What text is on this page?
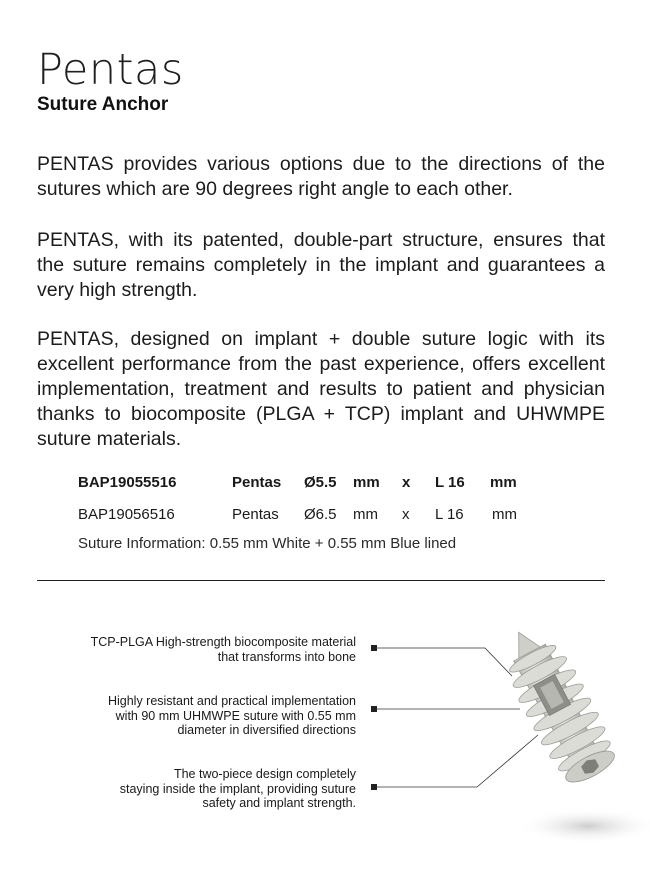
Pentas
Suture Anchor

PENTAS provides various options due to the directions of the sutures which are 90 degrees right angle to each other.

PENTAS, with its patented, double-part structure, ensures that the suture remains completely in the implant and guarantees a very high strength.

PENTAS, designed on implant + double suture logic with its excellent performance from the past experience, offers excellent implementation, treatment and results to patient and physician thanks to biocomposite (PLGA + TCP) implant and UHWMPE suture materials.

BAP19055516	Pentas Ø5.5 mm x L 16 mm
BAP19056516	Pentas Ø6.5 mm x L 16 mm
Suture Information: 0.55 mm White + 0.55 mm Blue lined
TCP-PLGA High-strength biocomposite material
that transforms into bone
Highly resistant and practical implementation
with 90 mm UHMWPE suture with 0.55 mm
diameter in diversified directions
The two-piece design completely
staying inside the implant, providing suture
safety and implant strength.
